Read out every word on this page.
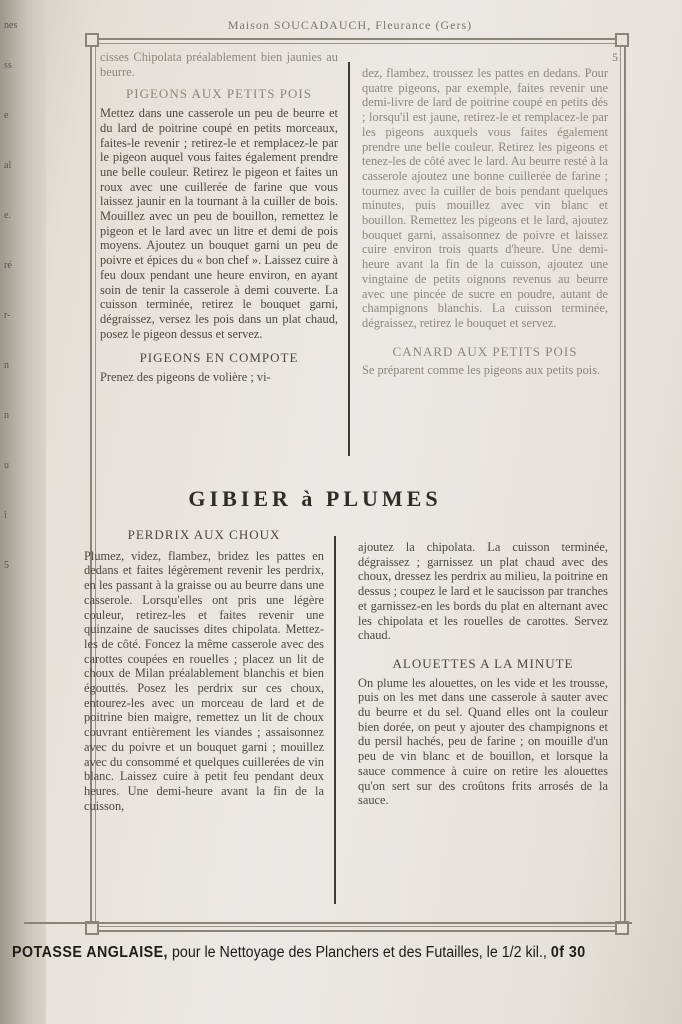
nes
ss
e
al
e.
ré
r-
n
n
u
i
5
Maison SOUCADAUCH, Fleurance (Gers)
51

cisses Chipolata préalablement bien jaunies au beurre.

PIGEONS AUX PETITS POIS

Mettez dans une casserole un peu de beurre et du lard de poitrine coupé en petits morceaux, faites-le revenir ; retirez-le et remplacez-le par le pigeon auquel vous faites également prendre une belle couleur. Retirez le pigeon et faites un roux avec une cuillerée de farine que vous laissez jaunir en la tournant à la cuiller de bois. Mouillez avec un peu de bouillon, remettez le pigeon et le lard avec un litre et demi de pois moyens. Ajoutez un bouquet garni un peu de poivre et épices du « bon chef ». Laissez cuire à feu doux pendant une heure environ, en ayant soin de tenir la casserole à demi couverte. La cuisson terminée, retirez le bouquet garni, dégraissez, versez les pois dans un plat chaud, posez le pigeon dessus et servez.

PIGEONS EN COMPOTE

Prenez des pigeons de volière ; vi-

dez, flambez, troussez les pattes en dedans. Pour quatre pigeons, par exemple, faites revenir une demi-livre de lard de poitrine coupé en petits dés ; lorsqu'il est jaune, retirez-le et remplacez-le par les pigeons auxquels vous faites également prendre une belle couleur. Retirez les pigeons et tenez-les de côté avec le lard. Au beurre resté à la casserole ajoutez une bonne cuillerée de farine ; tournez avec la cuiller de bois pendant quelques minutes, puis mouillez avec vin blanc et bouillon. Remettez les pigeons et le lard, ajoutez bouquet garni, assaisonnez de poivre et laissez cuire environ trois quarts d'heure. Une demi-heure avant la fin de la cuisson, ajoutez une vingtaine de petits oignons revenus au beurre avec une pincée de sucre en poudre, autant de champignons blanchis. La cuisson terminée, dégraissez, retirez le bouquet et servez.

CANARD AUX PETITS POIS

Se préparent comme les pigeons aux petits pois.

GIBIER à PLUMES
PERDRIX AUX CHOUX

Plumez, videz, flambez, bridez les pattes en dedans et faites légèrement revenir les perdrix, en les passant à la graisse ou au beurre dans une casserole. Lorsqu'elles ont pris une légère couleur, retirez-les et faites revenir une quinzaine de saucisses dites chipolata. Mettez-les de côté. Foncez la même casserole avec des carottes coupées en rouelles ; placez un lit de choux de Milan préalablement blanchis et bien égouttés. Posez les perdrix sur ces choux, entourez-les avec un morceau de lard et de poitrine bien maigre, remettez un lit de choux couvrant entièrement les viandes ; assaisonnez avec du poivre et un bouquet garni ; mouillez avec du consommé et quelques cuillerées de vin blanc. Laissez cuire à petit feu pendant deux heures. Une demi-heure avant la fin de la cuisson,

ajoutez la chipolata. La cuisson terminée, dégraissez ; garnissez un plat chaud avec des choux, dressez les perdrix au milieu, la poitrine en dessus ; coupez le lard et le saucisson par tranches et garnissez-en les bords du plat en alternant avec les chipolata et les rouelles de carottes. Servez chaud.

ALOUETTES A LA MINUTE

On plume les alouettes, on les vide et les trousse, puis on les met dans une casserole à sauter avec du beurre et du sel. Quand elles ont la couleur bien dorée, on peut y ajouter des champignons et du persil hachés, peu de farine ; on mouille d'un peu de vin blanc et de bouillon, et lorsque la sauce commence à cuire on retire les alouettes qu'on sert sur des croûtons frits arrosés de la sauce.

POTASSE ANGLAISE, pour le Nettoyage des Planchers et des Futailles, le 1/2 kil., 0f 30
